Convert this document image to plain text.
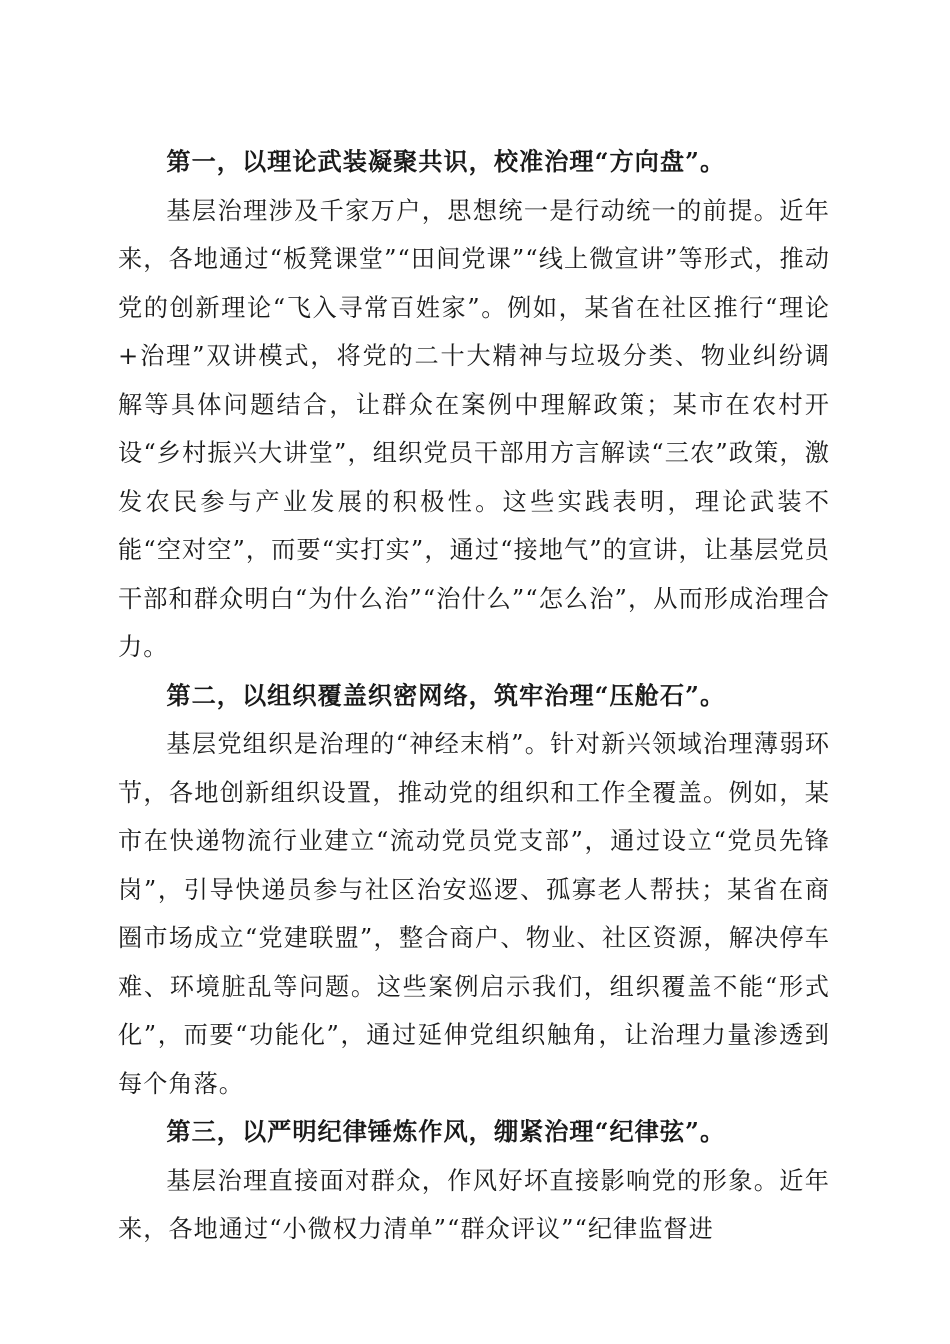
第一，以理论武装凝聚共识，校准治理“方向盘”。

基层治理涉及千家万户，思想统一是行动统一的前提。近年来，各地通过“板凳课堂”“田间党课”“线上微宣讲”等形式，推动党的创新理论“飞入寻常百姓家”。例如，某省在社区推行“理论+治理”双讲模式，将党的二十大精神与垃圾分类、物业纠纷调解等具体问题结合，让群众在案例中理解政策；某市在农村开设“乡村振兴大讲堂”，组织党员干部用方言解读“三农”政策，激发农民参与产业发展的积极性。这些实践表明，理论武装不能“空对空”，而要“实打实”，通过“接地气”的宣讲，让基层党员干部和群众明白“为什么治”“治什么”“怎么治”，从而形成治理合力。

第二，以组织覆盖织密网络，筑牢治理“压舱石”。

基层党组织是治理的“神经末梢”。针对新兴领域治理薄弱环节，各地创新组织设置，推动党的组织和工作全覆盖。例如，某市在快递物流行业建立“流动党员党支部”，通过设立“党员先锋岗”，引导快递员参与社区治安巡逻、孤寡老人帮扶；某省在商圈市场成立“党建联盟”，整合商户、物业、社区资源，解决停车难、环境脏乱等问题。这些案例启示我们，组织覆盖不能“形式化”，而要“功能化”，通过延伸党组织触角，让治理力量渗透到每个角落。

第三，以严明纪律锤炼作风，绷紧治理“纪律弦”。

基层治理直接面对群众，作风好坏直接影响党的形象。近年来，各地通过“小微权力清单”“群众评议”“纪律监督进
